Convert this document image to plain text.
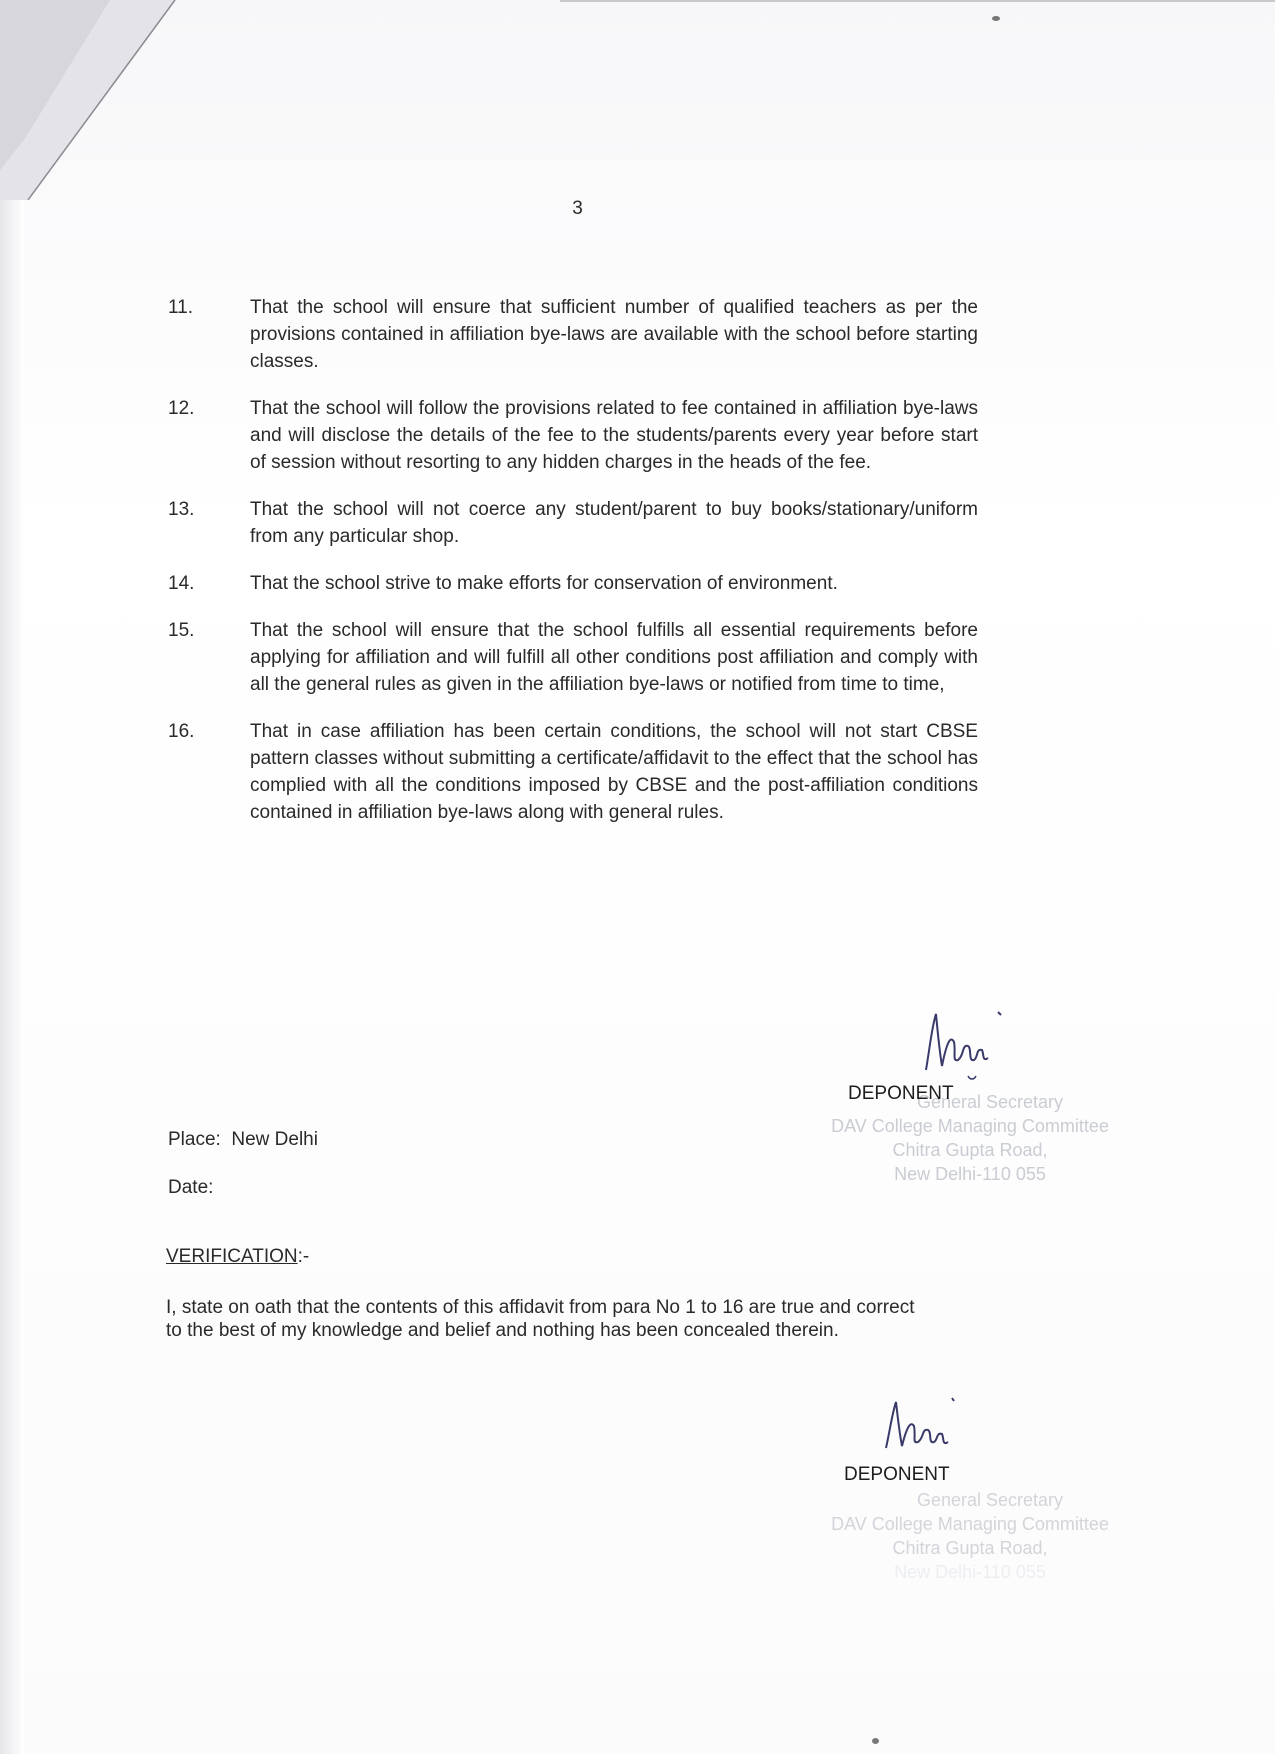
3
11.	That the school will ensure that sufficient number of qualified teachers as per the provisions contained in affiliation bye-laws are available with the school before starting classes.
12.	That the school will follow the provisions related to fee contained in affiliation bye-laws and will disclose the details of the fee to the students/parents every year before start of session without resorting to any hidden charges in the heads of the fee.
13.	That the school will not coerce any student/parent to buy books/stationary/uniform from any particular shop.
14.	That the school strive to make efforts for conservation of environment.
15.	That the school will ensure that the school fulfills all essential requirements before applying for affiliation and will fulfill all other conditions post affiliation and comply with all the general rules as given in the affiliation bye-laws or notified from time to time,
16.	That in case affiliation has been certain conditions, the school will not start CBSE pattern classes without submitting a certificate/affidavit to the effect that the school has complied with all the conditions imposed by CBSE and the post-affiliation conditions contained in affiliation bye-laws along with general rules.
General Secretary
DAV College Managing Committee
Chitra Gupta Road,
New Delhi-110 055
DEPONENT
Place: New Delhi
Date:
VERIFICATION:-
I, state on oath that the contents of this affidavit from para No 1 to 16 are true and correct to the best of my knowledge and belief and nothing has been concealed therein.
DEPONENT
General Secretary
DAV College Managing Committee
Chitra Gupta Road,
New Delhi-110 055
